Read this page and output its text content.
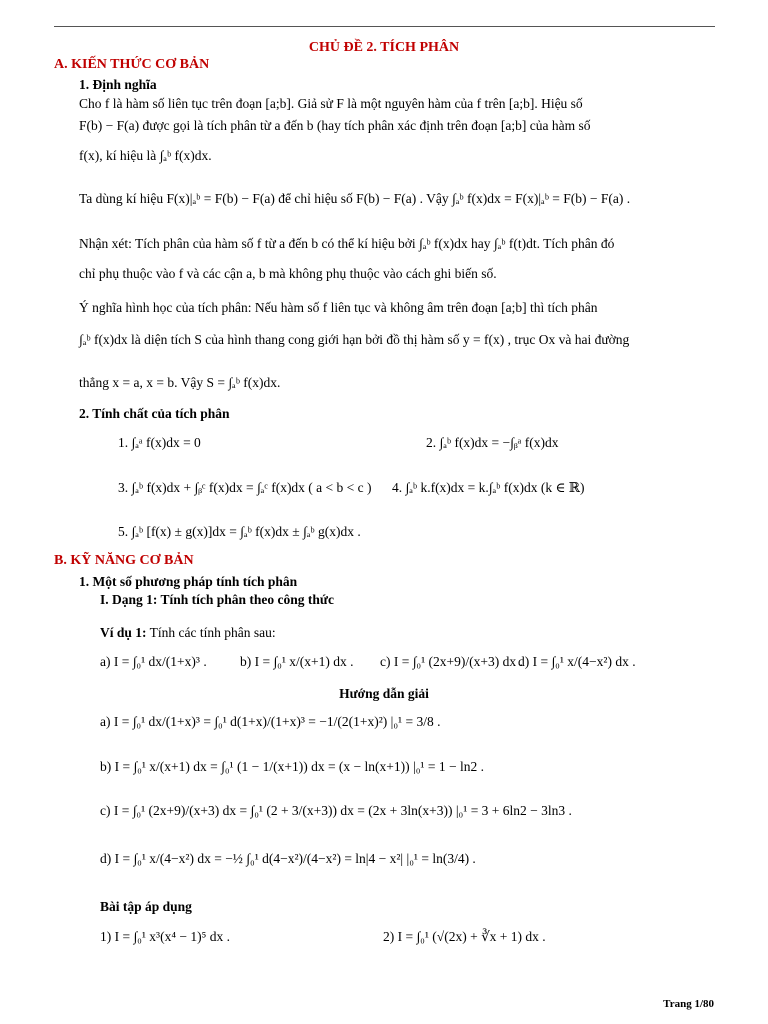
CHỦ ĐỀ 2. TÍCH PHÂN
A. KIẾN THỨC CƠ BẢN
1. Định nghĩa
Cho f là hàm số liên tục trên đoạn [a;b]. Giả sử F là một nguyên hàm của f trên [a;b]. Hiệu số
F(b) − F(a) được gọi là tích phân từ a đến b (hay tích phân xác định trên đoạn [a;b] của hàm số
f(x), kí hiệu là ∫ₐᵇ f(x)dx.
Ta dùng kí hiệu F(x)|ₐᵇ = F(b) − F(a) để chỉ hiệu số F(b) − F(a) . Vậy ∫ₐᵇ f(x)dx = F(x)|ₐᵇ = F(b) − F(a) .
Nhận xét: Tích phân của hàm số f từ a đến b có thể kí hiệu bởi ∫ₐᵇ f(x)dx hay ∫ₐᵇ f(t)dt. Tích phân đó
chỉ phụ thuộc vào f và các cận a, b mà không phụ thuộc vào cách ghi biến số.
Ý nghĩa hình học của tích phân: Nếu hàm số f liên tục và không âm trên đoạn [a;b] thì tích phân
∫ₐᵇ f(x)dx là diện tích S của hình thang cong giới hạn bởi đồ thị hàm số y = f(x) , trục Ox và hai đường
thẳng x = a, x = b. Vậy S = ∫ₐᵇ f(x)dx.
2. Tính chất của tích phân
1. ∫ₐᵃ f(x)dx = 0	2. ∫ₐᵇ f(x)dx = −∫ᵦᵃ f(x)dx
3. ∫ₐᵇ f(x)dx + ∫ᵦᶜ f(x)dx = ∫ₐᶜ f(x)dx ( a < b < c ) 4. ∫ₐᵇ k.f(x)dx = k.∫ₐᵇ f(x)dx (k ∈ ℝ)
5. ∫ₐᵇ [f(x) ± g(x)]dx = ∫ₐᵇ f(x)dx ± ∫ₐᵇ g(x)dx .
B. KỸ NĂNG CƠ BẢN
1. Một số phương pháp tính tích phân
I. Dạng 1: Tính tích phân theo công thức
Ví dụ 1: Tính các tính phân sau:
a) I = ∫₀¹ dx/(1+x)³ . b) I = ∫₀¹ x/(x+1) dx . c) I = ∫₀¹ (2x+9)/(x+3) dx .
d) I = ∫₀¹ x/(4−x²) dx .
Hướng dẫn giải
a) I = ∫₀¹ dx/(1+x)³ = ∫₀¹ d(1+x)/(1+x)³ = −1/(2(1+x)²) |₀¹ = 3/8 .
b) I = ∫₀¹ x/(x+1) dx = ∫₀¹ (1 − 1/(x+1)) dx = (x − ln(x+1)) |₀¹ = 1 − ln2 .
c) I = ∫₀¹ (2x+9)/(x+3) dx = ∫₀¹ (2 + 3/(x+3)) dx = (2x + 3ln(x+3)) |₀¹ = 3 + 6ln2 − 3ln3 .
d) I = ∫₀¹ x/(4−x²) dx = −½ ∫₀¹ d(4−x²)/(4−x²) = ln|4 − x²| |₀¹ = ln(3/4) .
Bài tập áp dụng
1) I = ∫₀¹ x³(x⁴ − 1)⁵ dx .	2) I = ∫₀¹ (√(2x) + ∛x + 1) dx .
Trang 1/80
